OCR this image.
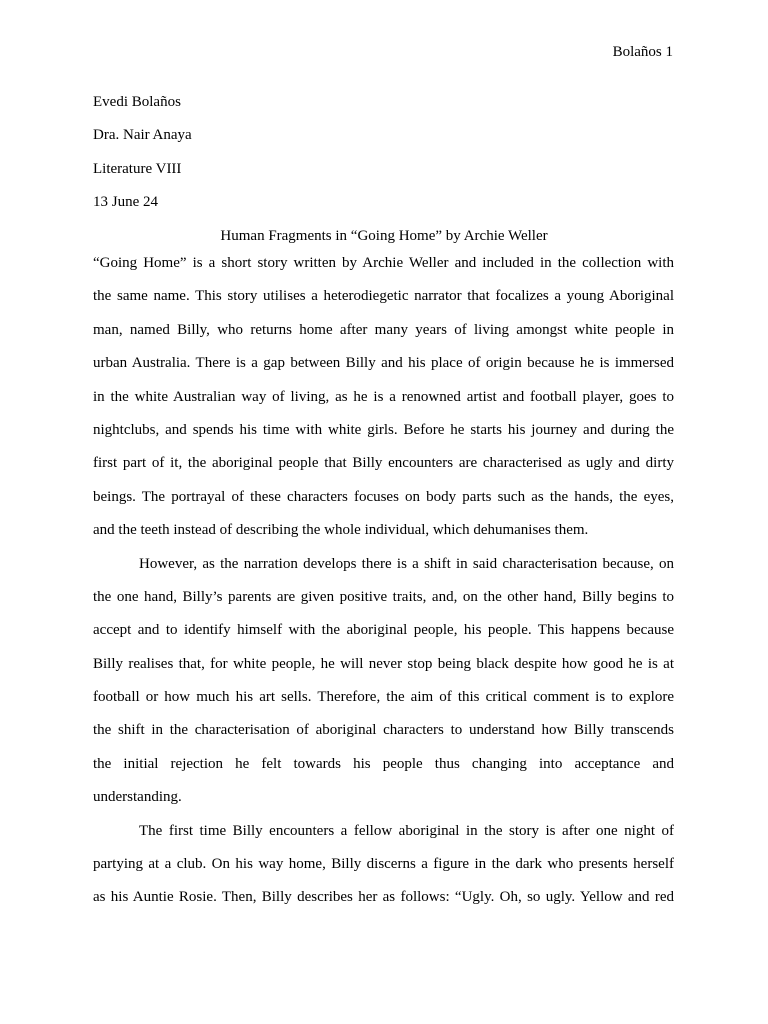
Bolaños 1
Evedi Bolaños
Dra. Nair Anaya
Literature VIII
13 June 24
Human Fragments in “Going Home” by Archie Weller
“Going Home” is a short story written by Archie Weller and included in the collection with
the same name. This story utilises a heterodiegetic narrator that focalizes a young Aboriginal
man, named Billy, who returns home after many years of living amongst white people in
urban Australia. There is a gap between Billy and his place of origin because he is immersed
in the white Australian way of living, as he is a renowned artist and football player, goes to
nightclubs, and spends his time with white girls. Before he starts his journey and during the
first part of it, the aboriginal people that Billy encounters are characterised as ugly and dirty
beings. The portrayal of these characters focuses on body parts such as the hands, the eyes,
and the teeth instead of describing the whole individual, which dehumanises them.
However, as the narration develops there is a shift in said characterisation because, on
the one hand, Billy’s parents are given positive traits, and, on the other hand, Billy begins to
accept and to identify himself with the aboriginal people, his people. This happens because
Billy realises that, for white people, he will never stop being black despite how good he is at
football or how much his art sells. Therefore, the aim of this critical comment is to explore
the shift in the characterisation of aboriginal characters to understand how Billy transcends
the initial rejection he felt towards his people thus changing into acceptance and
understanding.
The first time Billy encounters a fellow aboriginal in the story is after one night of
partying at a club. On his way home, Billy discerns a figure in the dark who presents herself
as his Auntie Rosie. Then, Billy describes her as follows: “Ugly. Oh, so ugly. Yellow and red
